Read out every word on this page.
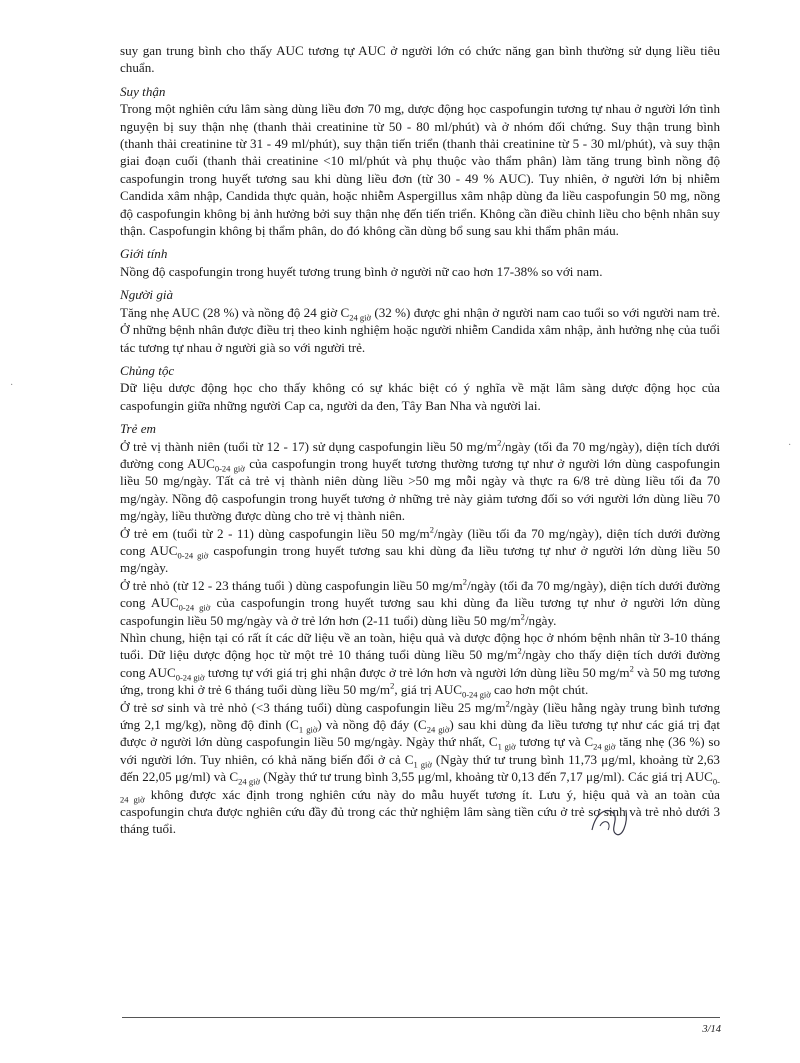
suy gan trung bình cho thấy AUC tương tự AUC ở người lớn có chức năng gan bình thường sử dụng liều tiêu chuẩn.

Suy thận

Trong một nghiên cứu lâm sàng dùng liều đơn 70 mg, dược động học caspofungin tương tự nhau ở người lớn tình nguyện bị suy thận nhẹ (thanh thải creatinine từ 50 - 80 ml/phút) và ở nhóm đối chứng. Suy thận trung bình (thanh thải creatinine từ 31 - 49 ml/phút), suy thận tiến triển (thanh thải creatinine từ 5 - 30 ml/phút), và suy thận giai đoạn cuối (thanh thải creatinine <10 ml/phút và phụ thuộc vào thẩm phân) làm tăng trung bình nồng độ caspofungin trong huyết tương sau khi dùng liều đơn (từ 30 - 49 % AUC). Tuy nhiên, ở người lớn bị nhiễm Candida xâm nhập, Candida thực quản, hoặc nhiễm Aspergillus xâm nhập dùng đa liều caspofungin 50 mg, nồng độ caspofungin không bị ảnh hưởng bởi suy thận nhẹ đến tiến triển. Không cần điều chỉnh liều cho bệnh nhân suy thận. Caspofungin không bị thẩm phân, do đó không cần dùng bổ sung sau khi thẩm phân máu.

Giới tính

Nồng độ caspofungin trong huyết tương trung bình ở người nữ cao hơn 17-38% so với nam.

Người già

Tăng nhẹ AUC (28 %) và nồng độ 24 giờ $C_{24 giờ}$ (32 %) được ghi nhận ở người nam cao tuổi so với người nam trẻ. Ở những bệnh nhân được điều trị theo kinh nghiệm hoặc người nhiễm Candida xâm nhập, ảnh hưởng nhẹ của tuổi tác tương tự nhau ở người già so với người trẻ.

Chủng tộc

Dữ liệu dược động học cho thấy không có sự khác biệt có ý nghĩa về mặt lâm sàng dược động học của caspofungin giữa những người Cap ca, người da đen, Tây Ban Nha và người lai.

Trẻ em

Ở trẻ vị thành niên (tuổi từ 12 - 17) sử dụng caspofungin liều 50 $mg/m^2$/ngày (tối đa 70 mg/ngày), diện tích dưới đường cong $AUC_{0-24 giờ}$ của caspofungin trong huyết tương thường tương tự như ở người lớn dùng caspofungin liều 50 mg/ngày. Tất cả trẻ vị thành niên dùng liều >50 mg mỗi ngày và thực ra 6/8 trẻ dùng liều tối đa 70 mg/ngày. Nồng độ caspofungin trong huyết tương ở những trẻ này giảm tương đối so với người lớn dùng liều 70 mg/ngày, liều thường được dùng cho trẻ vị thành niên.

Ở trẻ em (tuổi từ 2 - 11) dùng caspofungin liều 50 $mg/m^2$/ngày (liều tối đa 70 mg/ngày), diện tích dưới đường cong $AUC_{0-24 giờ}$ caspofungin trong huyết tương sau khi dùng đa liều tương tự như ở người lớn dùng liều 50 mg/ngày.

Ở trẻ nhỏ (từ 12 - 23 tháng tuổi ) dùng caspofungin liều 50 $mg/m^2$/ngày (tối đa 70 mg/ngày), diện tích dưới đường cong $AUC_{0-24 giờ}$ của caspofungin trong huyết tương sau khi dùng đa liều tương tự như ở người lớn dùng caspofungin liều 50 mg/ngày và ở trẻ lớn hơn (2-11 tuổi) dùng liều 50 $mg/m^2$/ngày.

Nhìn chung, hiện tại có rất ít các dữ liệu về an toàn, hiệu quả và dược động học ở nhóm bệnh nhân từ 3-10 tháng tuổi. Dữ liệu dược động học từ một trẻ 10 tháng tuổi dùng liều 50 $mg/m^2$/ngày cho thấy diện tích dưới đường cong $AUC_{0-24 giờ}$ tương tự với giá trị ghi nhận được ở trẻ lớn hơn và người lớn dùng liều 50 $mg/m^2$ và 50 mg tương ứng, trong khi ở trẻ 6 tháng tuổi dùng liều 50 $mg/m^2$, giá trị $AUC_{0-24 giờ}$ cao hơn một chút.

Ở trẻ sơ sinh và trẻ nhỏ (<3 tháng tuổi) dùng caspofungin liều 25 $mg/m^2$/ngày (liều hằng ngày trung bình tương ứng 2,1 mg/kg), nồng độ đỉnh $(C_{1 giờ})$ và nồng độ đáy $(C_{24 giờ})$ sau khi dùng đa liều tương tự như các giá trị đạt được ở người lớn dùng caspofungin liều 50 mg/ngày. Ngày thứ nhất, $C_{1 giờ}$ tương tự và $C_{24 giờ}$ tăng nhẹ (36 %) so với người lớn. Tuy nhiên, có khả năng biến đổi ở cả $C_{1 giờ}$ (Ngày thứ tư trung bình 11,73 μg/ml, khoảng từ 2,63 đến 22,05 μg/ml) và $C_{24 giờ}$ (Ngày thứ tư trung bình 3,55 μg/ml, khoảng từ 0,13 đến 7,17 μg/ml). Các giá trị $AUC_{0-24 giờ}$ không được xác định trong nghiên cứu này do mẫu huyết tương ít. Lưu ý, hiệu quả và an toàn của caspofungin chưa được nghiên cứu đầy đủ trong các thử nghiệm lâm sàng tiền cứu ở trẻ sơ sinh và trẻ nhỏ dưới 3 tháng tuổi.

·
·
3/14
